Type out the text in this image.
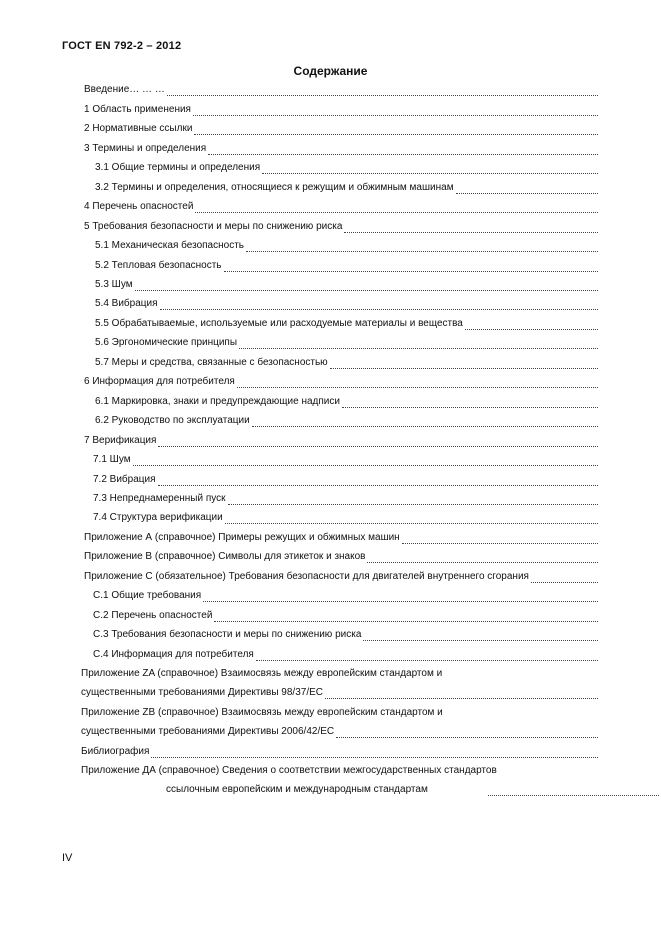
ГОСТ EN 792-2 – 2012
Содержание
Введение… … …
1 Область применения
2 Нормативные ссылки
3 Термины и определения
3.1 Общие термины и определения
3.2 Термины и определения, относящиеся к режущим и обжимным машинам
4 Перечень опасностей
5 Требования безопасности и меры по снижению риска
5.1 Механическая безопасность
5.2 Тепловая безопасность
5.3 Шум
5.4 Вибрация
5.5 Обрабатываемые, используемые или расходуемые материалы и вещества
5.6 Эргономические принципы
5.7 Меры и средства, связанные с безопасностью
6 Информация для потребителя
6.1 Маркировка, знаки и предупреждающие надписи
6.2 Руководство по эксплуатации
7 Верификация
7.1 Шум
7.2 Вибрация
7.3 Непреднамеренный пуск
7.4 Структура верификации
Приложение А (справочное) Примеры режущих и обжимных машин
Приложение В (справочное) Символы для этикеток и знаков
Приложение С (обязательное) Требования безопасности для двигателей внутреннего сгорания
С.1 Общие требования
С.2 Перечень опасностей
С.3 Требования безопасности и меры по снижению риска
С.4 Информация для потребителя
Приложение ZA (справочное) Взаимосвязь между европейским стандартом и
существенными требованиями Директивы 98/37/ЕС
Приложение ZB (справочное) Взаимосвязь между европейским стандартом и
существенными требованиями Директивы 2006/42/ЕС
Библиография
Приложение ДА (справочное) Сведения о соответствии межгосударственных стандартов
ссылочным европейским и международным стандартам
IV
